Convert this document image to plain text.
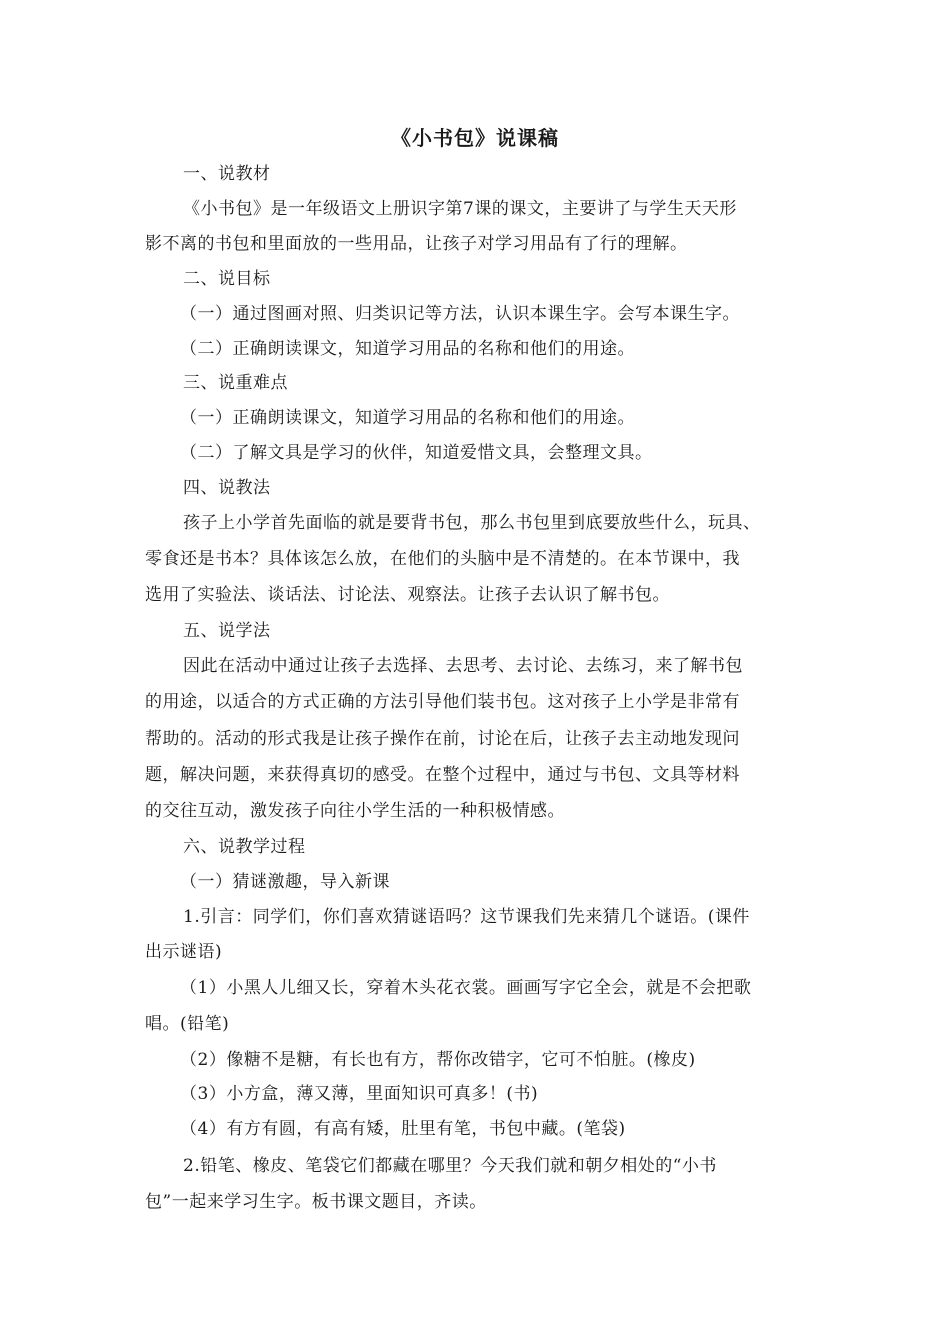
《小书包》说课稿
一、说教材
《小书包》是一年级语文上册识字第7课的课文，主要讲了与学生天天形
影不离的书包和里面放的一些用品，让孩子对学习用品有了行的理解。
二、说目标
（一）通过图画对照、归类识记等方法，认识本课生字。会写本课生字。
（二）正确朗读课文，知道学习用品的名称和他们的用途。
三、说重难点
（一）正确朗读课文，知道学习用品的名称和他们的用途。
（二）了解文具是学习的伙伴，知道爱惜文具，会整理文具。
四、说教法
孩子上小学首先面临的就是要背书包，那么书包里到底要放些什么，玩具、
零食还是书本？具体该怎么放，在他们的头脑中是不清楚的。在本节课中，我
选用了实验法、谈话法、讨论法、观察法。让孩子去认识了解书包。
五、说学法
因此在活动中通过让孩子去选择、去思考、去讨论、去练习，来了解书包
的用途，以适合的方式正确的方法引导他们装书包。这对孩子上小学是非常有
帮助的。活动的形式我是让孩子操作在前，讨论在后，让孩子去主动地发现问
题，解决问题，来获得真切的感受。在整个过程中，通过与书包、文具等材料
的交往互动，激发孩子向往小学生活的一种积极情感。
六、说教学过程
（一）猜谜激趣，导入新课
1.引言：同学们，你们喜欢猜谜语吗？这节课我们先来猜几个谜语。(课件
出示谜语)
（1）小黑人儿细又长，穿着木头花衣裳。画画写字它全会，就是不会把歌
唱。(铅笔)
（2）像糖不是糖，有长也有方，帮你改错字，它可不怕脏。(橡皮)
（3）小方盒，薄又薄，里面知识可真多！(书)
（4）有方有圆，有高有矮，肚里有笔，书包中藏。(笔袋)
2.铅笔、橡皮、笔袋它们都藏在哪里？今天我们就和朝夕相处的“小书
包”一起来学习生字。板书课文题目，齐读。
